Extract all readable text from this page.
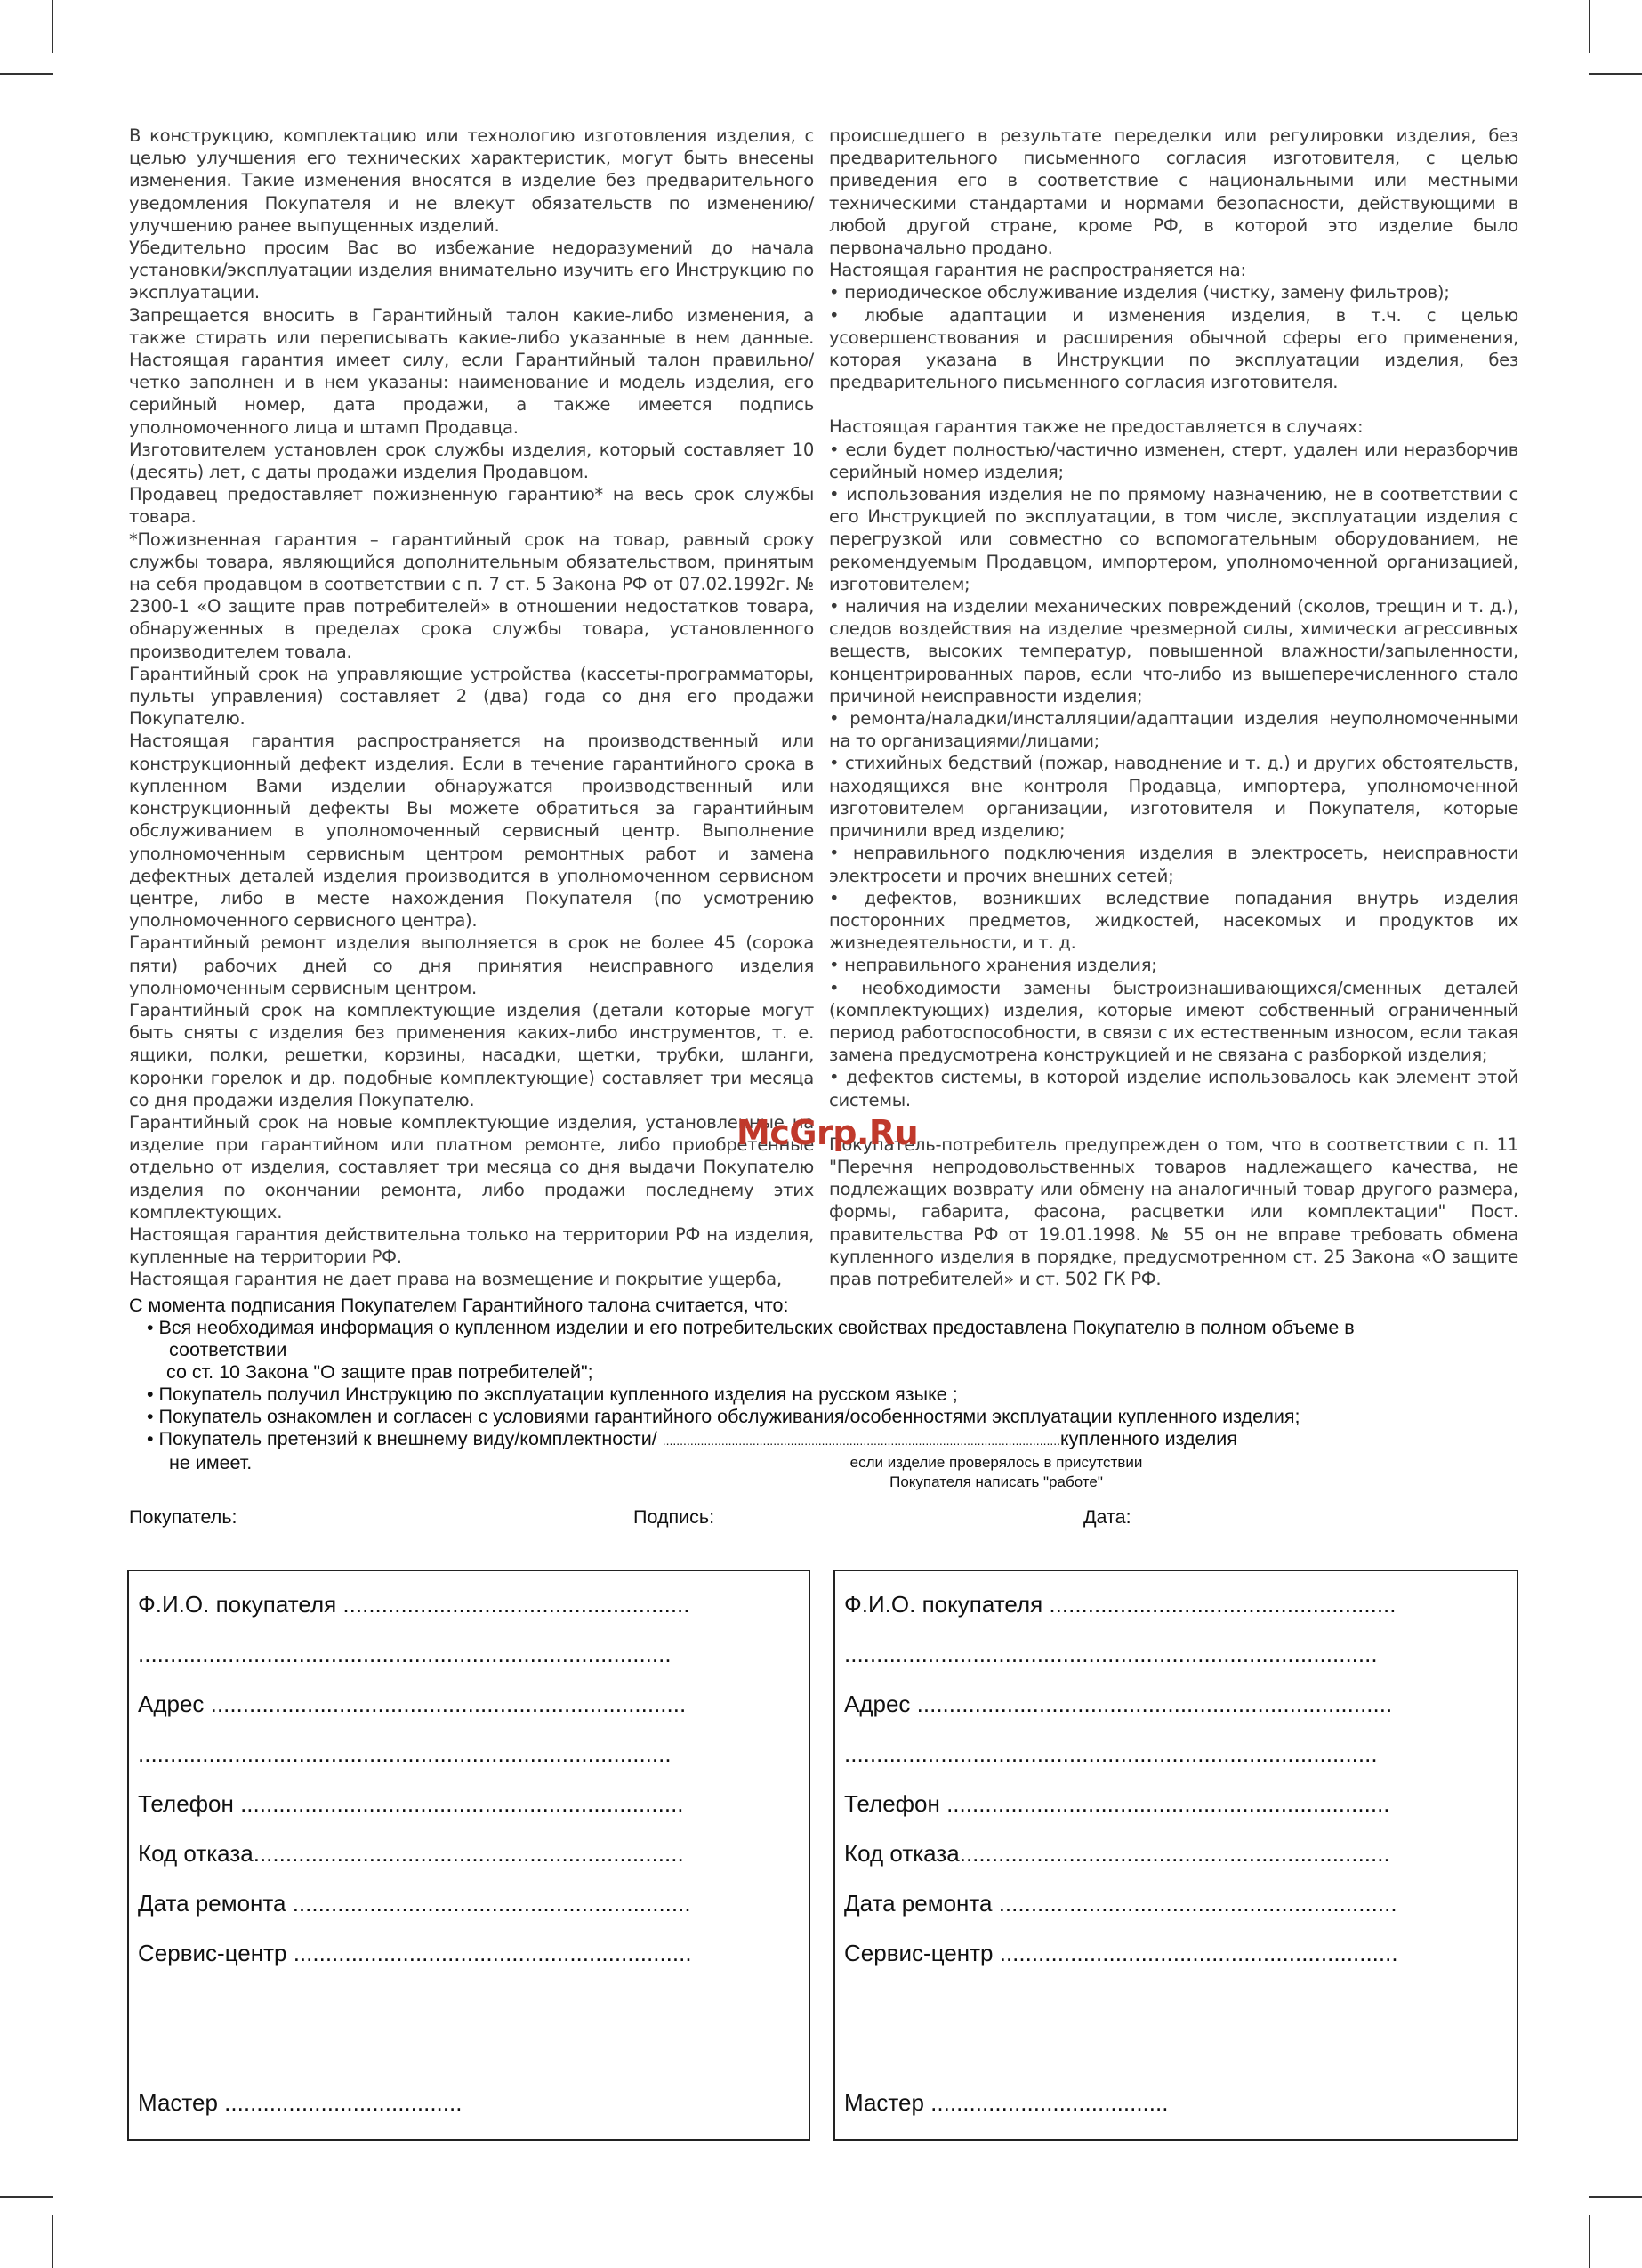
В конструкцию, комплектацию или технологию изготовления изделия, с целью улучшения его технических характеристик, могут быть внесены изменения. Такие изменения вносятся в изделие без предварительного уведомления Покупателя и не влекут обязательств по изменению/улучшению ранее выпущенных изделий.

Убедительно просим Вас во избежание недоразумений до начала установки/эксплуатации изделия внимательно изучить его Инструкцию по эксплуатации.

Запрещается вносить в Гарантийный талон какие-либо изменения, а также стирать или переписывать какие-либо указанные в нем данные. Настоящая гарантия имеет силу, если Гарантийный талон правильно/четко заполнен и в нем указаны: наименование и модель изделия, его серийный номер, дата продажи, а также имеется подпись уполномоченного лица и штамп Продавца.

Изготовителем установлен срок службы изделия, который составляет 10 (десять) лет, с даты продажи изделия Продавцом.

Продавец предоставляет пожизненную гарантию* на весь срок службы товара.

*Пожизненная гарантия – гарантийный срок на товар, равный сроку службы товара, являющийся дополнительным обязательством, принятым на себя продавцом в соответствии с п. 7 ст. 5 Закона РФ от 07.02.1992г. № 2300-1 «О защите прав потребителей» в отношении недостатков товара, обнаруженных в пределах срока службы товара, установленного производителем товала.

Гарантийный срок на управляющие устройства (кассеты-программаторы, пульты управления) составляет 2 (два) года со дня его продажи Покупателю.

Настоящая гарантия распространяется на производственный или конструкционный дефект изделия. Если в течение гарантийного срока в купленном Вами изделии обнаружатся производственный или конструкционный дефекты Вы можете обратиться за гарантийным обслуживанием в уполномоченный сервисный центр. Выполнение уполномоченным сервисным центром ремонтных работ и замена дефектных деталей изделия производится в уполномоченном сервисном центре, либо в месте нахождения Покупателя (по усмотрению уполномоченного сервисного центра).

Гарантийный ремонт изделия выполняется в срок не более 45 (сорока пяти) рабочих дней со дня принятия неисправного изделия уполномоченным сервисным центром.

Гарантийный срок на комплектующие изделия (детали которые могут быть сняты с изделия без применения каких-либо инструментов, т. е. ящики, полки, решетки, корзины, насадки, щетки, трубки, шланги, коронки горелок и др. подобные комплектующие) составляет три месяца со дня продажи изделия Покупателю.

Гарантийный срок на новые комплектующие изделия, установленные на изделие при гарантийном или платном ремонте, либо приобретенные отдельно от изделия, составляет три месяца со дня выдачи Покупателю изделия по окончании ремонта, либо продажи последнему этих комплектующих.

Настоящая гарантия действительна только на территории РФ на изделия, купленные на территории РФ.

Настоящая гарантия не дает права на возмещение и покрытие ущерба,

происшедшего в результате переделки или регулировки изделия, без предварительного письменного согласия изготовителя, с целью приведения его в соответствие с национальными или местными техническими стандартами и нормами безопасности, действующими в любой другой стране, кроме РФ, в которой это изделие было первоначально продано.

Настоящая гарантия не распространяется на:

• периодическое обслуживание изделия (чистку, замену фильтров);

• любые адаптации и изменения изделия, в т.ч. с целью усовершенствования и расширения обычной сферы его применения, которая указана в Инструкции по эксплуатации изделия, без предварительного письменного согласия изготовителя.

Настоящая гарантия также не предоставляется в случаях:

• если будет полностью/частично изменен, стерт, удален или неразборчив серийный номер изделия;

• использования изделия не по прямому назначению, не в соответствии с его Инструкцией по эксплуатации, в том числе, эксплуатации изделия с перегрузкой или совместно со вспомогательным оборудованием, не рекомендуемым Продавцом, импортером, уполномоченной организацией, изготовителем;

• наличия на изделии механических повреждений (сколов, трещин и т. д.), следов воздействия на изделие чрезмерной силы, химически агрессивных веществ, высоких температур, повышенной влажности/запыленности, концентрированных паров, если что-либо из вышеперечисленного стало причиной неисправности изделия;

• ремонта/наладки/инсталляции/адаптации изделия неуполномоченными на то организациями/лицами;

• стихийных бедствий (пожар, наводнение и т. д.) и других обстоятельств, находящихся вне контроля Продавца, импортера, уполномоченной изготовителем организации, изготовителя и Покупателя, которые причинили вред изделию;

• неправильного подключения изделия в электросеть, неисправности электросети и прочих внешних сетей;

• дефектов, возникших вследствие попадания внутрь изделия посторонних предметов, жидкостей, насекомых и продуктов их жизнедеятельности, и т. д.

• неправильного хранения изделия;

• необходимости замены быстроизнашивающихся/сменных деталей (комплектующих) изделия, которые имеют собственный ограниченный период работоспособности, в связи с их естественным износом, если такая замена предусмотрена конструкцией и не связана с разборкой изделия;

• дефектов системы, в которой изделие использовалось как элемент этой системы.

Покупатель-потребитель предупрежден о том, что в соответствии с п. 11 "Перечня непродовольственных товаров надлежащего качества, не подлежащих возврату или обмену на аналогичный товар другого размера, формы, габарита, фасона, расцветки или комплектации" Пост. правительства РФ от 19.01.1998. № 55 он не вправе требовать обмена купленного изделия в порядке, предусмотренном ст. 25 Закона «О защите прав потребителей» и ст. 502 ГК РФ.

McGrp.Ru

С момента подписания Покупателем Гарантийного талона считается, что:

• Вся необходимая информация о купленном изделии и его потребительских свойствах предоставлена Покупателю в полном объеме в

соответствии

со ст. 10 Закона "О защите прав потребителей";

• Покупатель получил Инструкцию по эксплуатации купленного изделия на русском языке ;

• Покупатель ознакомлен и согласен с условиями гарантийного обслуживания/особенностями эксплуатации купленного изделия;

• Покупатель претензий к внешнему виду/комплектности/ ...................................................................................................................купленного изделия

не имеет.	если изделие проверялось в присутствии
Покупателя написать "работе"
Покупатель:	Подпись:	Дата:
Ф.И.О. покупателя ......................................................
...................................................................................
Адрес ..........................................................................
...................................................................................
Телефон .....................................................................
Код отказа...................................................................
Дата ремонта ..............................................................
Сервис-центр ..............................................................
Мастер .....................................
Ф.И.О. покупателя ......................................................
...................................................................................
Адрес ..........................................................................
...................................................................................
Телефон .....................................................................
Код отказа...................................................................
Дата ремонта ..............................................................
Сервис-центр ..............................................................
Мастер .....................................
